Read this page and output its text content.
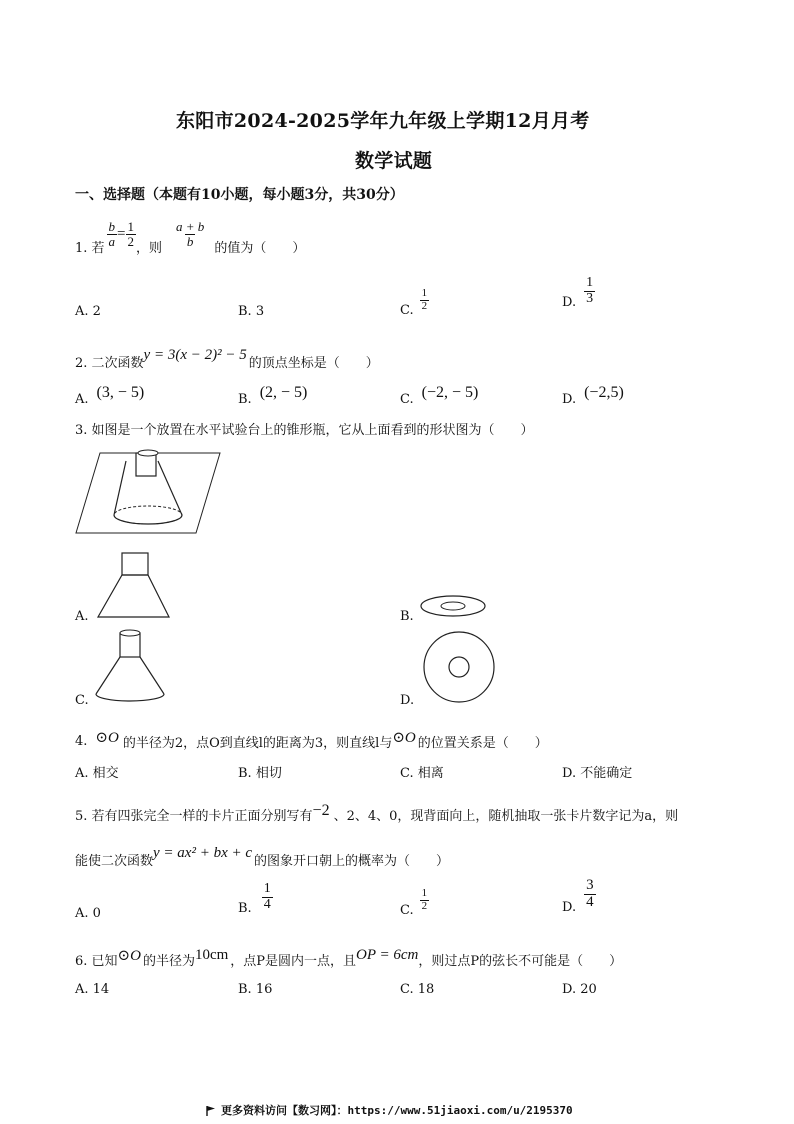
东阳市2024-2025学年九年级上学期12月月考
数学试题
一、选择题（本题有10小题，每小题3分，共30分）
1. 若 $\frac{b}{a} = \frac{1}{2}$ ，则 $\frac{a + b}{b}$ 的值为（　　）
A. 2	B. 3	C. $\frac{1}{2}$	D. $\frac{1}{3}$
2. 二次函数
y = 3(x − 2)² − 5
的顶点坐标是（　　）
A. (3, − 5)	B. (2, − 5)	C. (−2, − 5)	D. (−2,5)
3. 如图是一个放置在水平试验台上的锥形瓶，它从上面看到的形状图为（　　）
A.	B.
C.	D.
4. ⊙O 的半径为2，点O到直线l的距离为3，则直线l与 ⊙O 的位置关系是（　　）
A. 相交	B. 相切	C. 相离	D. 不能确定
5. 若有四张完全一样的卡片正面分别写有 −2 、2、4、0，现背面向上，随机抽取一张卡片数字记为a，则
能使二次函数
y = ax² + bx + c
的图象开口朝上的概率为（　　）
A. 0	B. $\frac{1}{4}$	C. $\frac{1}{2}$	D. $\frac{3}{4}$
6. 已知 ⊙O 的半径为 10cm ，点P是圆内一点，且 OP = 6cm ，则过点P的弦长不可能是（　　）
A. 14	B. 16	C. 18	D. 20
更多资料访问【数习网】：https://www.51jiaoxi.com/u/2195370
